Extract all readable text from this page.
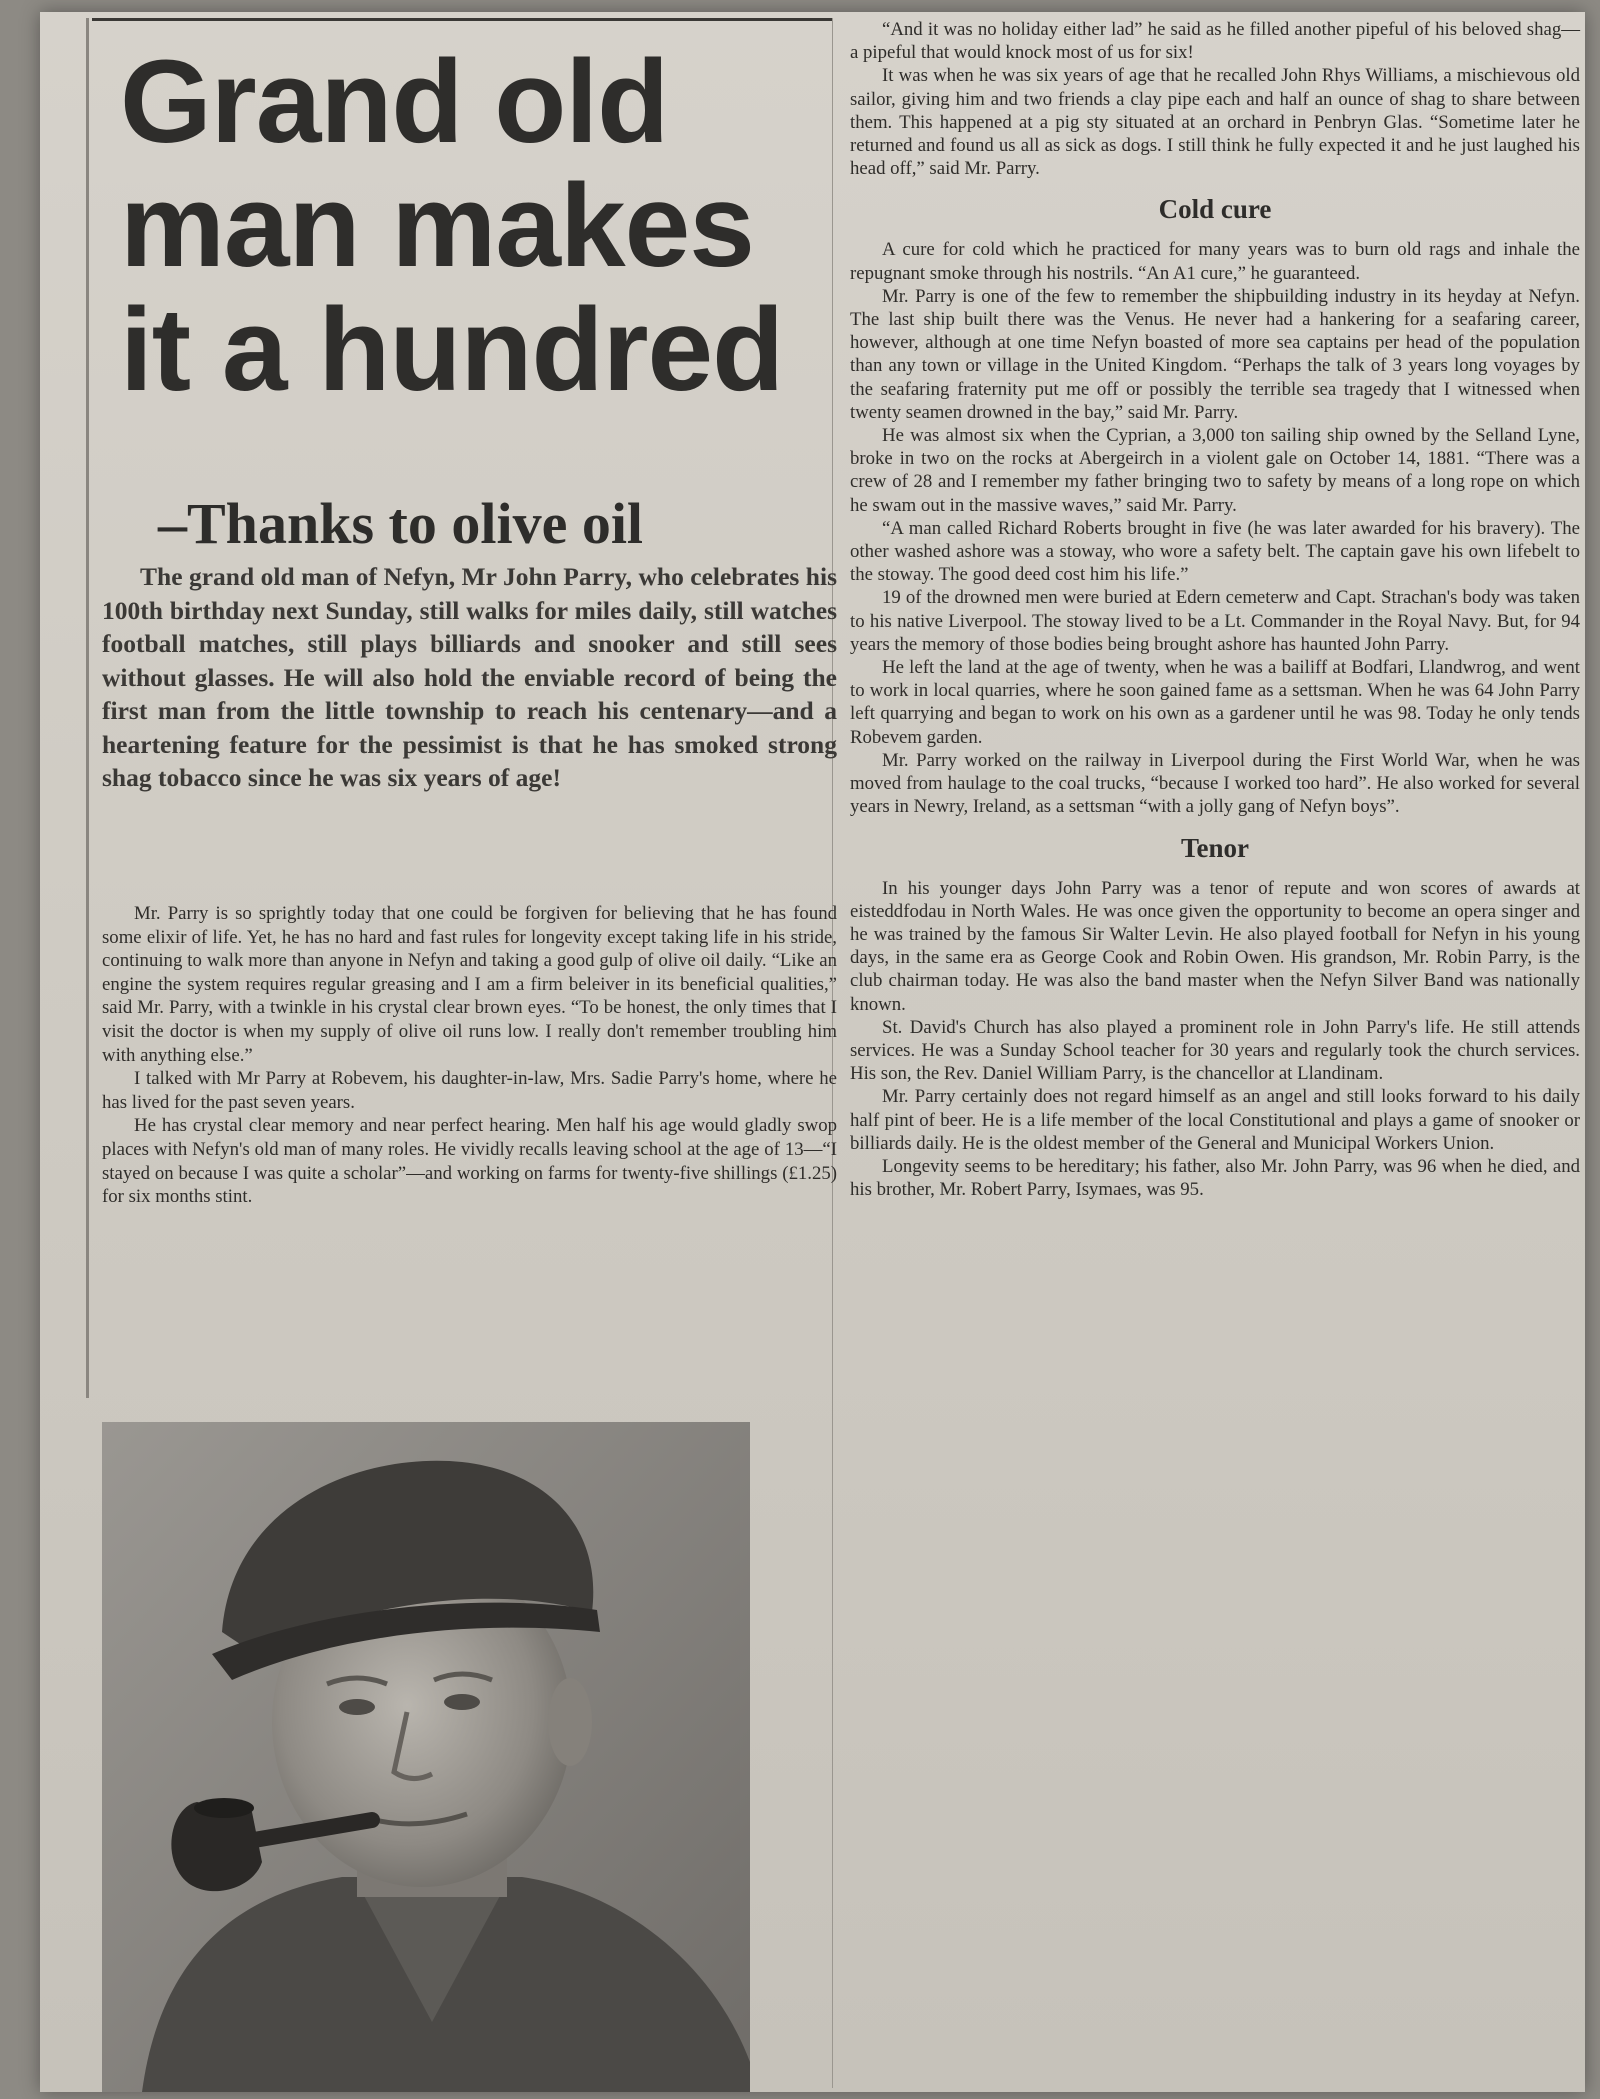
Grand old
man makes
it a hundred
–Thanks to olive oil

The grand old man of Nefyn, Mr John Parry, who celebrates his 100th birthday next Sunday, still walks for miles daily, still watches football matches, still plays billiards and snooker and still sees without glasses. He will also hold the enviable record of being the first man from the little township to reach his centenary—and a heartening feature for the pessimist is that he has smoked strong shag tobacco since he was six years of age!

Mr. Parry is so sprightly today that one could be forgiven for believing that he has found some elixir of life. Yet, he has no hard and fast rules for longevity except taking life in his stride, continuing to walk more than anyone in Nefyn and taking a good gulp of olive oil daily. “Like an engine the system requires regular greasing and I am a firm beleiver in its beneficial qualities,” said Mr. Parry, with a twinkle in his crystal clear brown eyes. “To be honest, the only times that I visit the doctor is when my supply of olive oil runs low. I really don't remember troubling him with anything else.”

I talked with Mr Parry at Robevem, his daughter-in-law, Mrs. Sadie Parry's home, where he has lived for the past seven years.

He has crystal clear memory and near perfect hearing. Men half his age would gladly swop places with Nefyn's old man of many roles. He vividly recalls leaving school at the age of 13—“I stayed on because I was quite a scholar”—and working on farms for twenty-five shillings (£1.25) for six months stint.

“And it was no holiday either lad” he said as he filled another pipeful of his beloved shag—a pipeful that would knock most of us for six!

It was when he was six years of age that he recalled John Rhys Williams, a mischievous old sailor, giving him and two friends a clay pipe each and half an ounce of shag to share between them. This happened at a pig sty situated at an orchard in Penbryn Glas. “Sometime later he returned and found us all as sick as dogs. I still think he fully expected it and he just laughed his head off,” said Mr. Parry.

Cold cure

A cure for cold which he practiced for many years was to burn old rags and inhale the repugnant smoke through his nostrils. “An A1 cure,” he guaranteed.

Mr. Parry is one of the few to remember the shipbuilding industry in its heyday at Nefyn. The last ship built there was the Venus. He never had a hankering for a seafaring career, however, although at one time Nefyn boasted of more sea captains per head of the population than any town or village in the United Kingdom. “Perhaps the talk of 3 years long voyages by the seafaring fraternity put me off or possibly the terrible sea tragedy that I witnessed when twenty seamen drowned in the bay,” said Mr. Parry.

He was almost six when the Cyprian, a 3,000 ton sailing ship owned by the Selland Lyne, broke in two on the rocks at Abergeirch in a violent gale on October 14, 1881. “There was a crew of 28 and I remember my father bringing two to safety by means of a long rope on which he swam out in the massive waves,” said Mr. Parry.

“A man called Richard Roberts brought in five (he was later awarded for his bravery). The other washed ashore was a stoway, who wore a safety belt. The captain gave his own lifebelt to the stoway. The good deed cost him his life.”

19 of the drowned men were buried at Edern cemeterw and Capt. Strachan's body was taken to his native Liverpool. The stoway lived to be a Lt. Commander in the Royal Navy. But, for 94 years the memory of those bodies being brought ashore has haunted John Parry.

He left the land at the age of twenty, when he was a bailiff at Bodfari, Llandwrog, and went to work in local quarries, where he soon gained fame as a settsman. When he was 64 John Parry left quarrying and began to work on his own as a gardener until he was 98. Today he only tends Robevem garden.

Mr. Parry worked on the railway in Liverpool during the First World War, when he was moved from haulage to the coal trucks, “because I worked too hard”. He also worked for several years in Newry, Ireland, as a settsman “with a jolly gang of Nefyn boys”.

Tenor

In his younger days John Parry was a tenor of repute and won scores of awards at eisteddfodau in North Wales. He was once given the opportunity to become an opera singer and he was trained by the famous Sir Walter Levin. He also played football for Nefyn in his young days, in the same era as George Cook and Robin Owen. His grandson, Mr. Robin Parry, is the club chairman today. He was also the band master when the Nefyn Silver Band was nationally known.

St. David's Church has also played a prominent role in John Parry's life. He still attends services. He was a Sunday School teacher for 30 years and regularly took the church services. His son, the Rev. Daniel William Parry, is the chancellor at Llandinam.

Mr. Parry certainly does not regard himself as an angel and still looks forward to his daily half pint of beer. He is a life member of the local Constitutional and plays a game of snooker or billiards daily. He is the oldest member of the General and Municipal Workers Union.

Longevity seems to be hereditary; his father, also Mr. John Parry, was 96 when he died, and his brother, Mr. Robert Parry, Isymaes, was 95.
